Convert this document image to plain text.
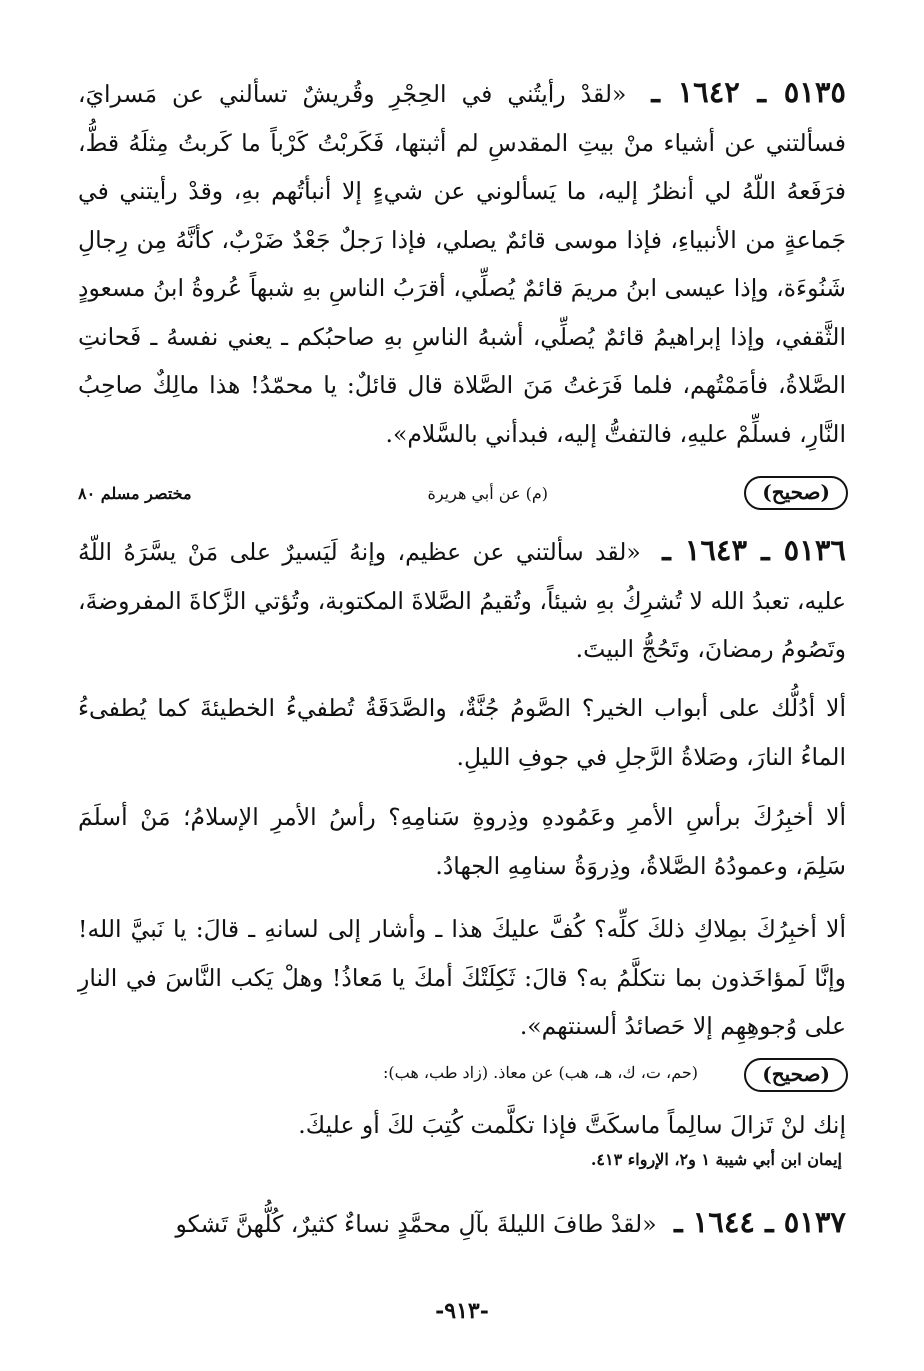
٥١٣٥ ـ ١٦٤٢ ـ «لقدْ رأيتُني في الحِجْرِ وقُريشٌ تسألني عن مَسرايَ، فسألتني عن أشياء منْ بيتِ المقدسِ لم أثبتها، فَكَربْتُ كَرْباً ما كَربتُ مِثلَهُ قطُّ، فرَفَعهُ اللّهُ لي أنظرُ إليه، ما يَسألوني عن شيءٍ إلا أنبأتُهم بهِ، وقدْ رأيتني في جَماعةٍ من الأنبياءِ، فإذا موسى قائمٌ يصلي، فإذا رَجلٌ جَعْدٌ ضَرْبٌ، كأنَّهُ مِن رِجالِ شَنُوءَة، وإذا عيسى ابنُ مريمَ قائمٌ يُصلِّي، أقرَبُ الناسِ بهِ شبهاً عُروةُ ابنُ مسعودٍ الثَّقفي، وإذا إبراهيمُ قائمٌ يُصلِّي، أشبهُ الناسِ بهِ صاحبُكم ـ يعني نفسهُ ـ فَحانتِ الصَّلاةُ، فأمَمْتُهم، فلما فَرَغتُ مَنَ الصَّلاة قال قائلٌ: يا محمّدُ! هذا مالِكٌ صاحِبُ النَّارِ، فسلِّمْ عليهِ، فالتفتُّ إليه، فبدأني بالسَّلام».
(صحيح)
(م) عن أبي هريرة
مختصر مسلم ٨٠
٥١٣٦ ـ ١٦٤٣ ـ «لقد سألتني عن عظيم، وإنهُ لَيَسيرٌ على مَنْ يسَّرَهُ اللّهُ عليه، تعبدُ الله لا تُشرِكُ بهِ شيئاً، وتُقيمُ الصَّلاةَ المكتوبة، وتُؤتي الزَّكاةَ المفروضةَ، وتَصُومُ رمضانَ، وتَحُجُّ البيتَ.
ألا أدُلُّك على أبواب الخير؟ الصَّومُ جُنَّةٌ، والصَّدَقَةُ تُطفيءُ الخطيئةَ كما يُطفىءُ الماءُ النارَ، وصَلاةُ الرَّجلِ في جوفِ الليلِ.
ألا أخبِرُكَ برأسِ الأمرِ وعَمُودهِ وذِروةِ سَنامِهِ؟ رأسُ الأمرِ الإسلامُ؛ مَنْ أسلَمَ سَلِمَ، وعمودُهُ الصَّلاةُ، وذِروَةُ سنامِهِ الجهادُ.
ألا أخبِرُكَ بمِلاكِ ذلكَ كلِّه؟ كُفَّ عليكَ هذا ـ وأشار إلى لسانهِ ـ قالَ: يا نَبيَّ الله! وإنَّا لَمؤاخَذون بما نتكلَّمُ به؟ قالَ: ثَكِلَتْكَ أمكَ يا مَعاذُ! وهلْ يَكب النَّاسَ في النارِ على وُجوهِهِم إلا حَصائدُ ألسنتهم».
(صحيح)
(حم، ت، ك، هـ، هب) عن معاذ. (زاد طب، هب):
إنك لنْ تَزالَ سالِماً ماسكَتَّ فإذا تكلَّمت كُتِبَ لكَ أو عليكَ.
إيمان ابن أبي شيبة ١ و٢، الإرواء ٤١٣.
٥١٣٧ ـ ١٦٤٤ ـ «لقدْ طافَ الليلةَ بآلِ محمَّدٍ نساءٌ كثيرٌ، كُلُّهنَّ تَشكو
-٩١٣-
